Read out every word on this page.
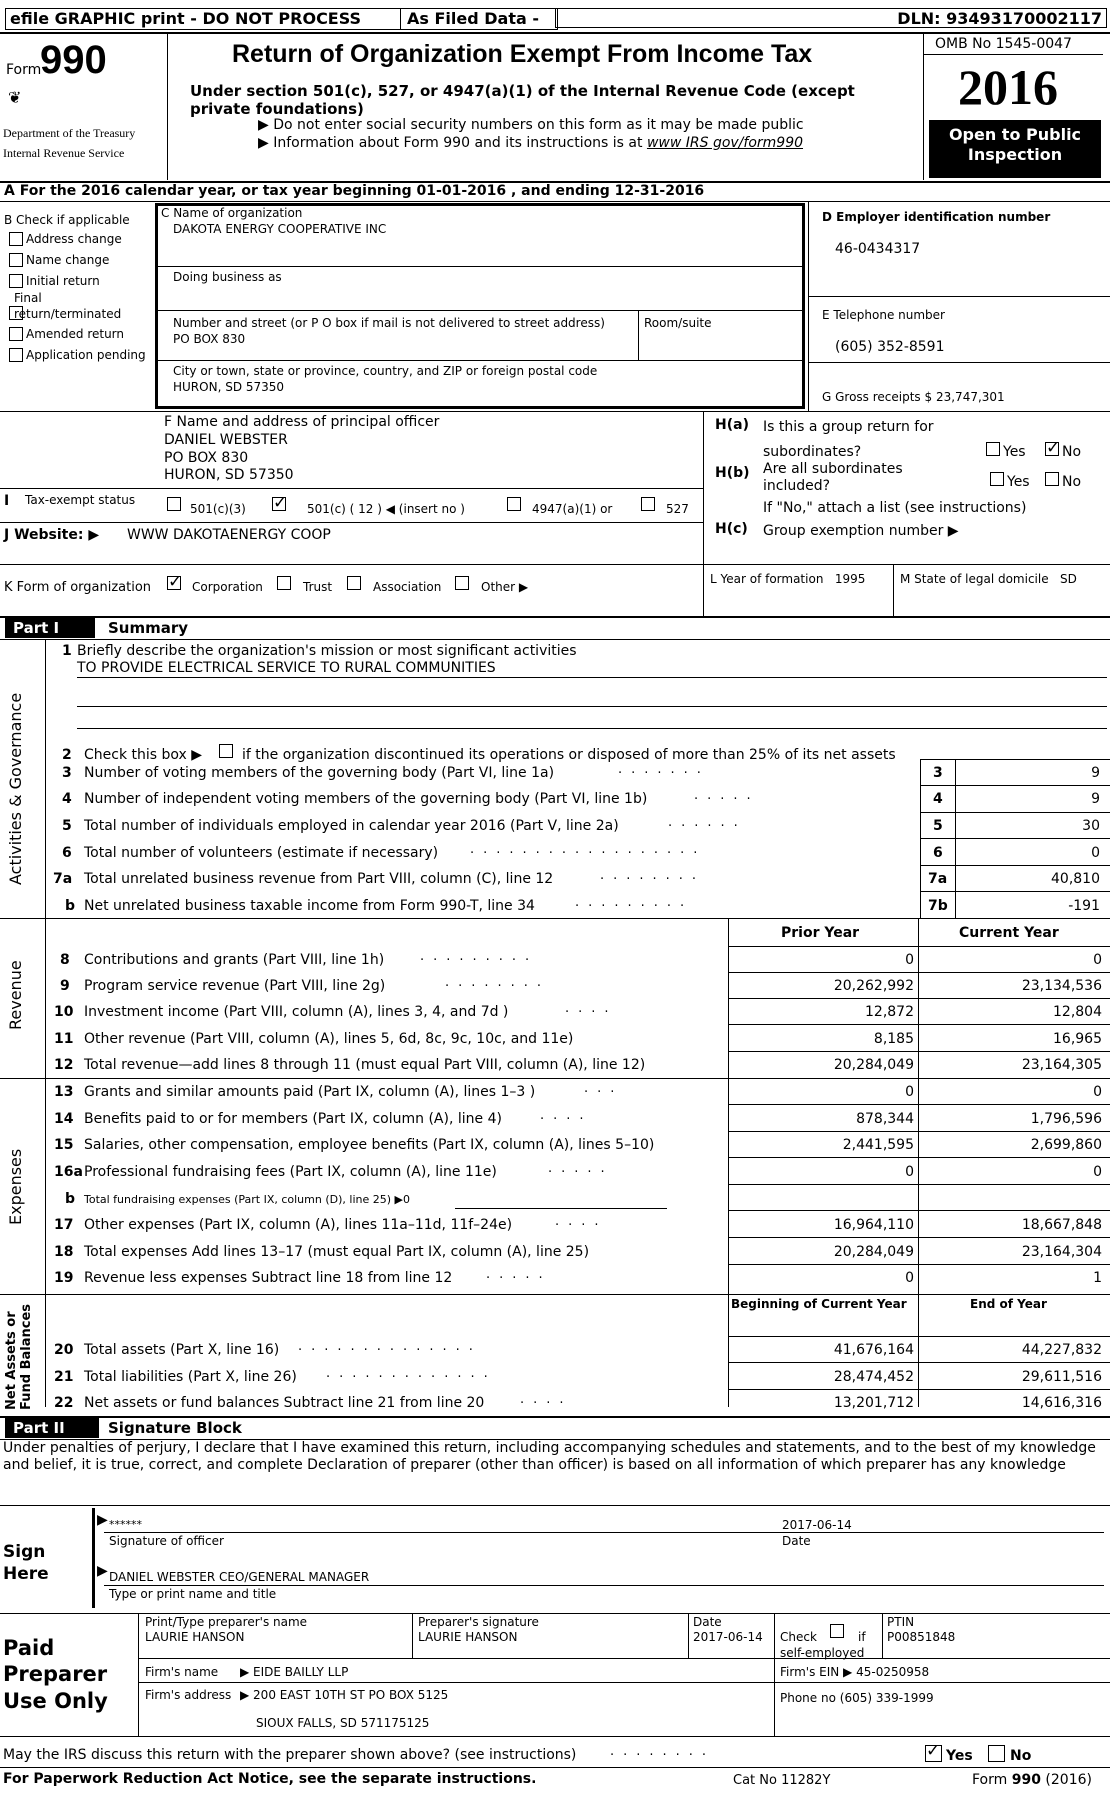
efile GRAPHIC print - DO NOT PROCESS	As Filed Data -	DLN: 93493170002117
Form
990
❦
Department of the Treasury
Internal Revenue Service
Return of Organization Exempt From Income Tax
Under section 501(c), 527, or 4947(a)(1) of the Internal Revenue Code (except private foundations)
▶ Do not enter social security numbers on this form as it may be made public
▶ Information about Form 990 and its instructions is at www IRS gov/form990
OMB No 1545-0047
2016
Open to Public Inspection
A For the 2016 calendar year, or tax year beginning 01-01-2016 , and ending 12-31-2016
B Check if applicable
Address change
Name change
Initial return
Final return/terminated
Amended return
Application pending
C Name of organization
DAKOTA ENERGY COOPERATIVE INC
Doing business as
Number and street (or P O box if mail is not delivered to street address)
PO BOX 830
Room/suite
City or town, state or province, country, and ZIP or foreign postal code
HURON, SD 57350
D Employer identification number
46-0434317
E Telephone number
(605) 352-8591
G Gross receipts $ 23,747,301
F Name and address of principal officer
DANIEL WEBSTER
PO BOX 830
HURON, SD 57350
H(a) Is this a group return for
subordinates?	Yes ✓	No
H(b) Are all subordinates
included?	Yes No
If "No," attach a list (see instructions)
H(c) Group exemption number ▶
I Tax-exempt status
501(c)(3) ✓	501(c) ( 12 ) ◀ (insert no )	4947(a)(1) or	527
J Website: ▶ WWW DAKOTAENERGY COOP
K Form of organization ✓	Corporation	Trust	Association	Other ▶
L Year of formation 1995	M State of legal domicile SD
Part I	Summary
Activities & Governance
1 Briefly describe the organization's mission or most significant activities
TO PROVIDE ELECTRICAL SERVICE TO RURAL COMMUNITIES
2 Check this box ▶	if the organization discontinued its operations or disposed of more than 25% of its net assets
3 Number of voting members of the governing body (Part VI, line 1a)	.......	3	9
4 Number of independent voting members of the governing body (Part VI, line 1b)	.....	4	9
5 Total number of individuals employed in calendar year 2016 (Part V, line 2a)	......	5	30
6 Total number of volunteers (estimate if necessary) ..................	6	0
7a Total unrelated business revenue from Part VIII, column (C), line 12	........	7a	40,810
b Net unrelated business taxable income from Form 990-T, line 34	.........	7b	-191
Revenue
Prior Year	Current Year
8 Contributions and grants (Part VIII, line 1h)	.........	0	0
9 Program service revenue (Part VIII, line 2g)	........	20,262,992	23,134,536
10 Investment income (Part VIII, column (A), lines 3, 4, and 7d )	....	12,872	12,804
11 Other revenue (Part VIII, column (A), lines 5, 6d, 8c, 9c, 10c, and 11e)	8,185	16,965
12 Total revenue—add lines 8 through 11 (must equal Part VIII, column (A), line 12)	20,284,049	23,164,305
Expenses
13 Grants and similar amounts paid (Part IX, column (A), lines 1–3 )	...	0	0
14 Benefits paid to or for members (Part IX, column (A), line 4)	....	878,344	1,796,596
15 Salaries, other compensation, employee benefits (Part IX, column (A), lines 5–10)	2,441,595	2,699,860
16a Professional fundraising fees (Part IX, column (A), line 11e)	.....	0	0
b Total fundraising expenses (Part IX, column (D), line 25) ▶0
17 Other expenses (Part IX, column (A), lines 11a–11d, 11f–24e)	....	16,964,110	18,667,848
18 Total expenses Add lines 13–17 (must equal Part IX, column (A), line 25)	20,284,049	23,164,304
19 Revenue less expenses Subtract line 18 from line 12	.....	0	1
Net Assets or Fund Balances	Beginning of Current Year	End of Year
20 Total assets (Part X, line 16) ..............	41,676,164	44,227,832
21 Total liabilities (Part X, line 26) .............	28,474,452	29,611,516
22 Net assets or fund balances Subtract line 21 from line 20	....	13,201,712	14,616,316
Part II	Signature Block
Under penalties of perjury, I declare that I have examined this return, including accompanying schedules and statements, and to the best of my knowledge and belief, it is true, correct, and complete Declaration of preparer (other than officer) is based on all information of which preparer has any knowledge
Sign
Here
▶ ******	2017-06-14
Signature of officer	Date
▶ DANIEL WEBSTER CEO/GENERAL MANAGER
Type or print name and title
Paid
Preparer
Use Only
Print/Type preparer's name
LAURIE HANSON
Preparer's signature
LAURIE HANSON
Date
2017-06-14 Check	if
self-employed
PTIN
P00851848
Firm's name ▶ EIDE BAILLY LLP	Firm's EIN ▶ 45-0250958
Firm's address ▶ 200 EAST 10TH ST PO BOX 5125
SIOUX FALLS, SD 571175125
Phone no (605) 339-1999
May the IRS discuss this return with the preparer shown above? (see instructions)	........ ✓	Yes	No
For Paperwork Reduction Act Notice, see the separate instructions.	Cat No 11282Y	Form 990 (2016)
